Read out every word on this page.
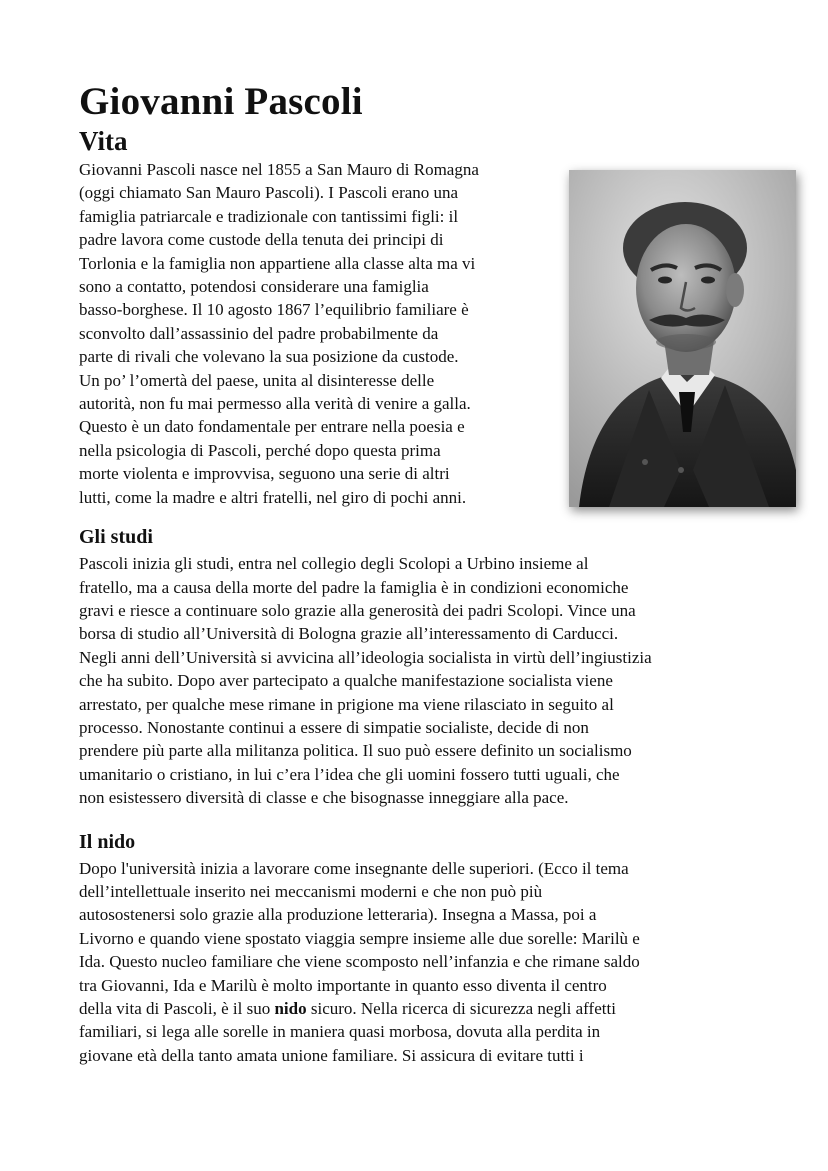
Giovanni Pascoli
Vita

Giovanni Pascoli nasce nel 1855 a San Mauro di Romagna
(oggi chiamato San Mauro Pascoli). I Pascoli erano una
famiglia patriarcale e tradizionale con tantissimi figli: il
padre lavora come custode della tenuta dei principi di
Torlonia e la famiglia non appartiene alla classe alta ma vi
sono a contatto, potendosi considerare una famiglia
basso-borghese. Il 10 agosto 1867 l’equilibrio familiare è
sconvolto dall’assassinio del padre probabilmente da
parte di rivali che volevano la sua posizione da custode.
Un po’ l’omertà del paese, unita al disinteresse delle
autorità, non fu mai permesso alla verità di venire a galla.
Questo è un dato fondamentale per entrare nella poesia e
nella psicologia di Pascoli, perché dopo questa prima
morte violenta e improvvisa, seguono una serie di altri
lutti, come la madre e altri fratelli, nel giro di pochi anni.

Gli studi

Pascoli inizia gli studi, entra nel collegio degli Scolopi a Urbino insieme al
fratello, ma a causa della morte del padre la famiglia è in condizioni economiche
gravi e riesce a continuare solo grazie alla generosità dei padri Scolopi. Vince una
borsa di studio all’Università di Bologna grazie all’interessamento di Carducci.
Negli anni dell’Università si avvicina all’ideologia socialista in virtù dell’ingiustizia
che ha subito. Dopo aver partecipato a qualche manifestazione socialista viene
arrestato, per qualche mese rimane in prigione ma viene rilasciato in seguito al
processo. Nonostante continui a essere di simpatie socialiste, decide di non
prendere più parte alla militanza politica. Il suo può essere definito un socialismo
umanitario o cristiano, in lui c’era l’idea che gli uomini fossero tutti uguali, che
non esistessero diversità di classe e che bisognasse inneggiare alla pace.

Il nido

Dopo l'università inizia a lavorare come insegnante delle superiori. (Ecco il tema
dell’intellettuale inserito nei meccanismi moderni e che non può più
autosostenersi solo grazie alla produzione letteraria). Insegna a Massa, poi a
Livorno e quando viene spostato viaggia sempre insieme alle due sorelle: Marilù e
Ida. Questo nucleo familiare che viene scomposto nell’infanzia e che rimane saldo
tra Giovanni, Ida e Marilù è molto importante in quanto esso diventa il centro
della vita di Pascoli, è il suo nido sicuro. Nella ricerca di sicurezza negli affetti
familiari, si lega alle sorelle in maniera quasi morbosa, dovuta alla perdita in
giovane età della tanto amata unione familiare. Si assicura di evitare tutti i
